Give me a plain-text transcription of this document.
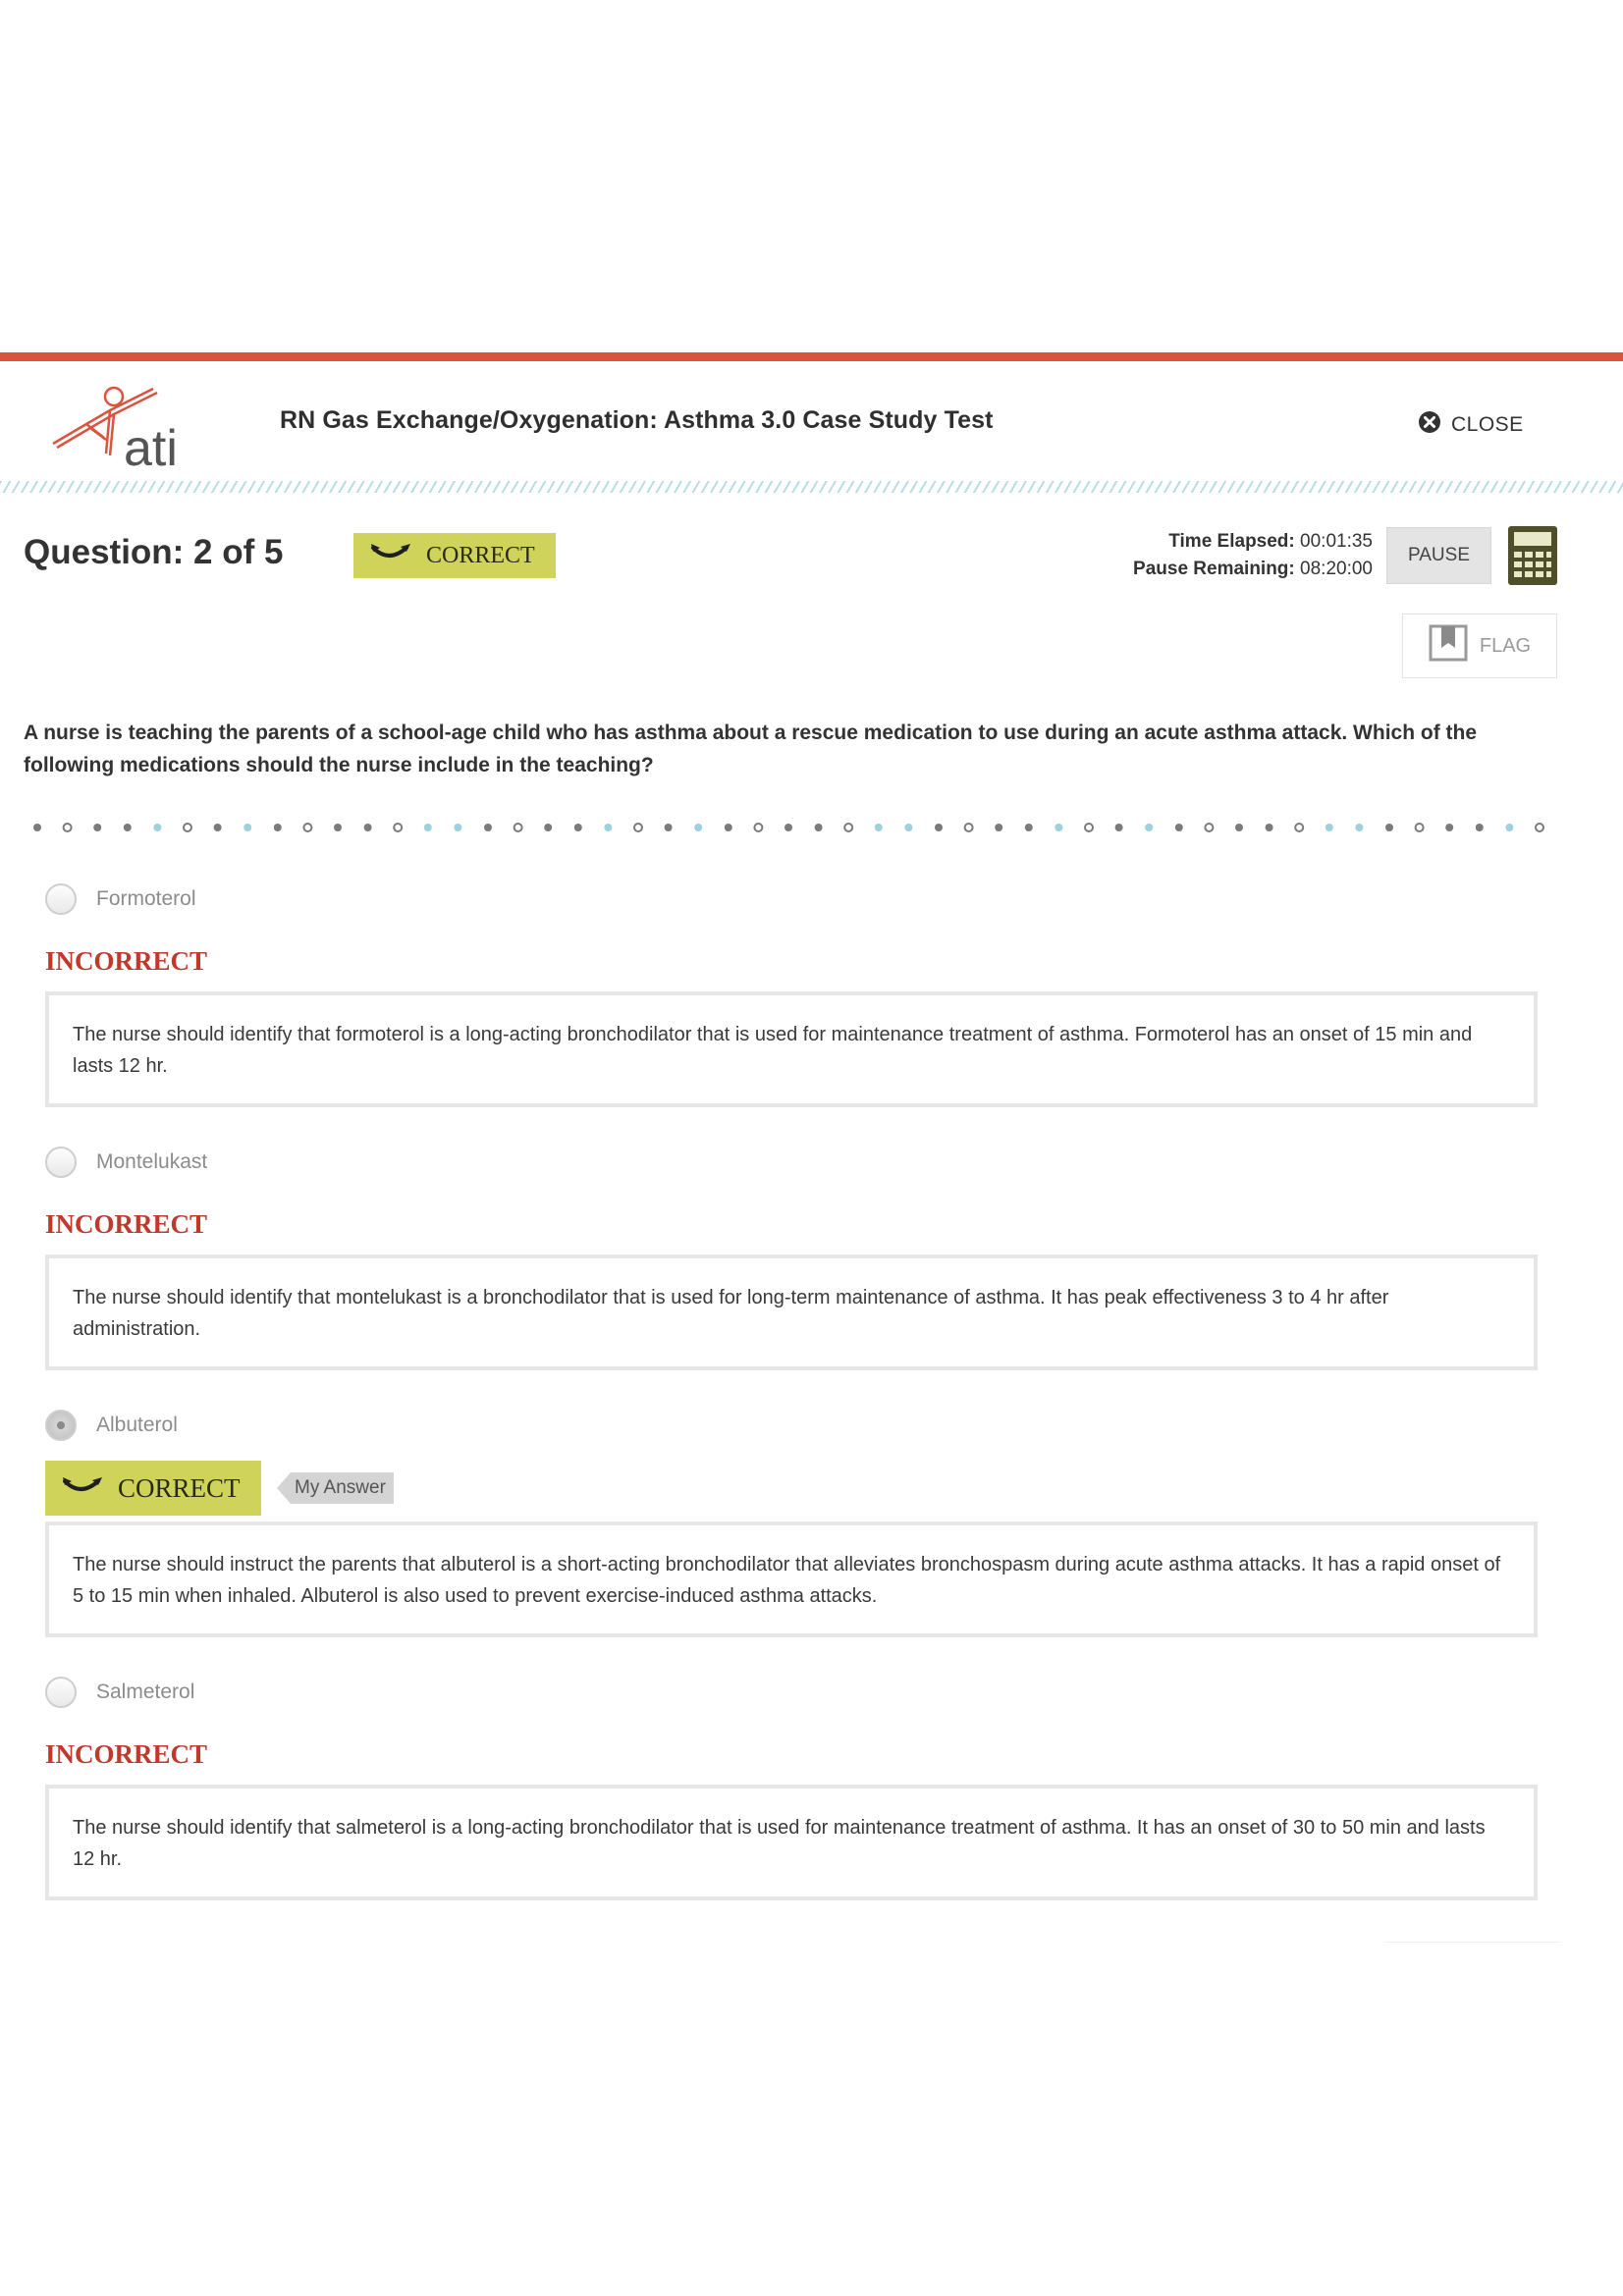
ati	RN Gas Exchange/Oxygenation: Asthma 3.0 Case Study Test	CLOSE
Question: 2 of 5	CORRECT
Time Elapsed: 00:01:35
Pause Remaining: 08:20:00
PAUSE
FLAG
A nurse is teaching the parents of a school-age child who has asthma about a rescue medication to use during an acute asthma attack. Which of the following medications should the nurse include in the teaching?
Formoterol
INCORRECT
The nurse should identify that formoterol is a long-acting bronchodilator that is used for maintenance treatment of asthma. Formoterol has an onset of 15 min and lasts 12 hr.
Montelukast
INCORRECT
The nurse should identify that montelukast is a bronchodilator that is used for long-term maintenance of asthma. It has peak effectiveness 3 to 4 hr after administration.
Albuterol
CORRECT	My Answer
The nurse should instruct the parents that albuterol is a short-acting bronchodilator that alleviates bronchospasm during acute asthma attacks. It has a rapid onset of 5 to 15 min when inhaled. Albuterol is also used to prevent exercise-induced asthma attacks.
Salmeterol
INCORRECT
The nurse should identify that salmeterol is a long-acting bronchodilator that is used for maintenance treatment of asthma. It has an onset of 30 to 50 min and lasts 12 hr.
